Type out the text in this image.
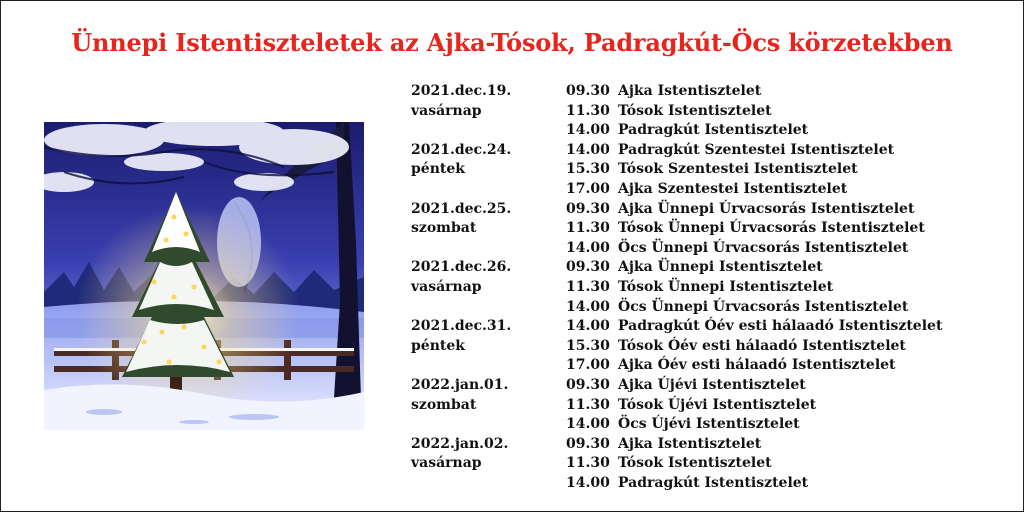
Ünnepi Istentiszteletek az Ajka-Tósok, Padragkút-Öcs körzetekben
2021.dec.19.	09.30 Ajka Istentisztelet
vasárnap	11.30 Tósok Istentisztelet
14.00 Padragkút Istentisztelet
2021.dec.24.	14.00 Padragkút Szentestei Istentisztelet
péntek	15.30 Tósok Szentestei Istentisztelet
17.00 Ajka Szentestei Istentisztelet
2021.dec.25.	09.30 Ajka Ünnepi Úrvacsorás Istentisztelet
szombat	11.30 Tósok Ünnepi Úrvacsorás Istentisztelet
14.00 Öcs Ünnepi Úrvacsorás Istentisztelet
2021.dec.26.	09.30 Ajka Ünnepi Istentisztelet
vasárnap	11.30 Tósok Ünnepi Istentisztelet
14.00 Öcs Ünnepi Úrvacsorás Istentisztelet
2021.dec.31.	14.00 Padragkút Óév esti hálaadó Istentisztelet
péntek	15.30 Tósok Óév esti hálaadó Istentisztelet
17.00 Ajka Óév esti hálaadó Istentisztelet
2022.jan.01.	09.30 Ajka Újévi Istentisztelet
szombat	11.30 Tósok Újévi Istentisztelet
14.00 Öcs Újévi Istentisztelet
2022.jan.02.	09.30 Ajka Istentisztelet
vasárnap	11.30 Tósok Istentisztelet
14.00 Padragkút Istentisztelet
